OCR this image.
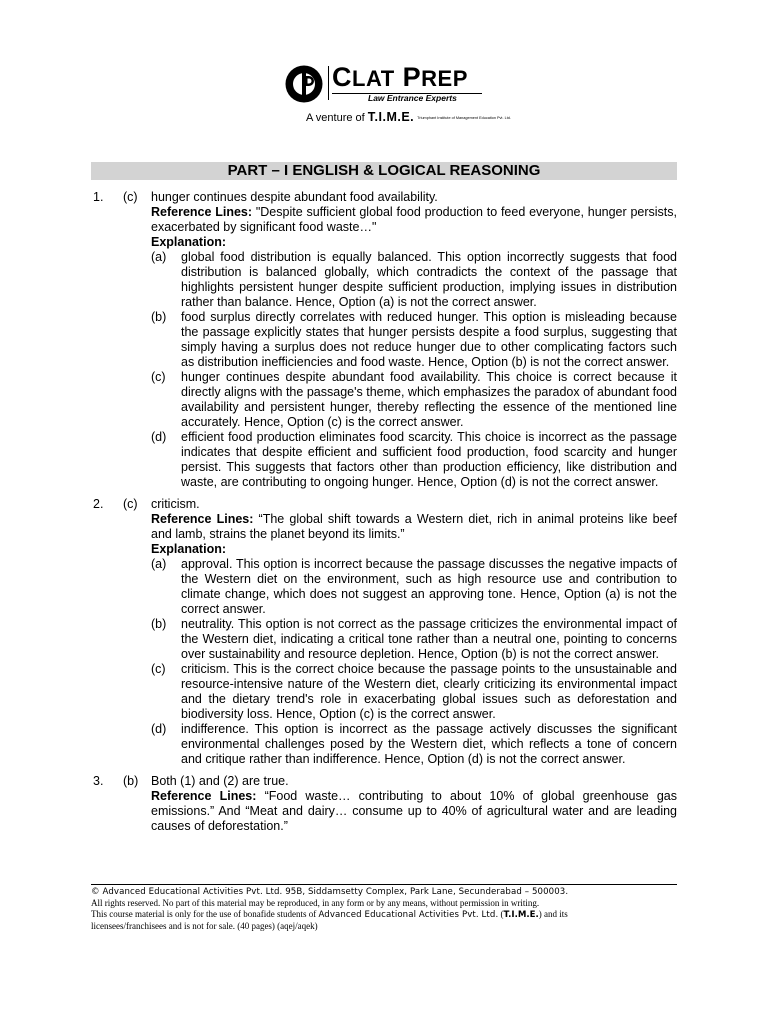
CLAT PREP
Law Entrance Experts
A venture of T.I.M.E. Triumphant Institute of Management Education Pvt. Ltd.
PART – I ENGLISH & LOGICAL REASONING
1. (c) hunger continues despite abundant food availability.
Reference Lines: "Despite sufficient global food production to feed everyone, hunger persists, exacerbated by significant food waste…"
Explanation:
(a) global food distribution is equally balanced. This option incorrectly suggests that food distribution is balanced globally, which contradicts the context of the passage that highlights persistent hunger despite sufficient production, implying issues in distribution rather than balance. Hence, Option (a) is not the correct answer.
(b) food surplus directly correlates with reduced hunger. This option is misleading because the passage explicitly states that hunger persists despite a food surplus, suggesting that simply having a surplus does not reduce hunger due to other complicating factors such as distribution inefficiencies and food waste. Hence, Option (b) is not the correct answer.
(c) hunger continues despite abundant food availability. This choice is correct because it directly aligns with the passage's theme, which emphasizes the paradox of abundant food availability and persistent hunger, thereby reflecting the essence of the mentioned line accurately. Hence, Option (c) is the correct answer.
(d) efficient food production eliminates food scarcity. This choice is incorrect as the passage indicates that despite efficient and sufficient food production, food scarcity and hunger persist. This suggests that factors other than production efficiency, like distribution and waste, are contributing to ongoing hunger. Hence, Option (d) is not the correct answer.
2. (c) criticism.
Reference Lines: “The global shift towards a Western diet, rich in animal proteins like beef and lamb, strains the planet beyond its limits.”
Explanation:
(a) approval. This option is incorrect because the passage discusses the negative impacts of the Western diet on the environment, such as high resource use and contribution to climate change, which does not suggest an approving tone. Hence, Option (a) is not the correct answer.
(b) neutrality. This option is not correct as the passage criticizes the environmental impact of the Western diet, indicating a critical tone rather than a neutral one, pointing to concerns over sustainability and resource depletion. Hence, Option (b) is not the correct answer.
(c) criticism. This is the correct choice because the passage points to the unsustainable and resource-intensive nature of the Western diet, clearly criticizing its environmental impact and the dietary trend's role in exacerbating global issues such as deforestation and biodiversity loss. Hence, Option (c) is the correct answer.
(d) indifference. This option is incorrect as the passage actively discusses the significant environmental challenges posed by the Western diet, which reflects a tone of concern and critique rather than indifference. Hence, Option (d) is not the correct answer.
3. (b) Both (1) and (2) are true.
Reference Lines: “Food waste… contributing to about 10% of global greenhouse gas emissions.” And “Meat and dairy… consume up to 40% of agricultural water and are leading causes of deforestation.”
© Advanced Educational Activities Pvt. Ltd. 95B, Siddamsetty Complex, Park Lane, Secunderabad – 500003.
All rights reserved. No part of this material may be reproduced, in any form or by any means, without permission in writing.
This course material is only for the use of bonafide students of Advanced Educational Activities Pvt. Ltd. (T.I.M.E.) and its
licensees/franchisees and is not for sale. (40 pages) (aqej/aqek)
